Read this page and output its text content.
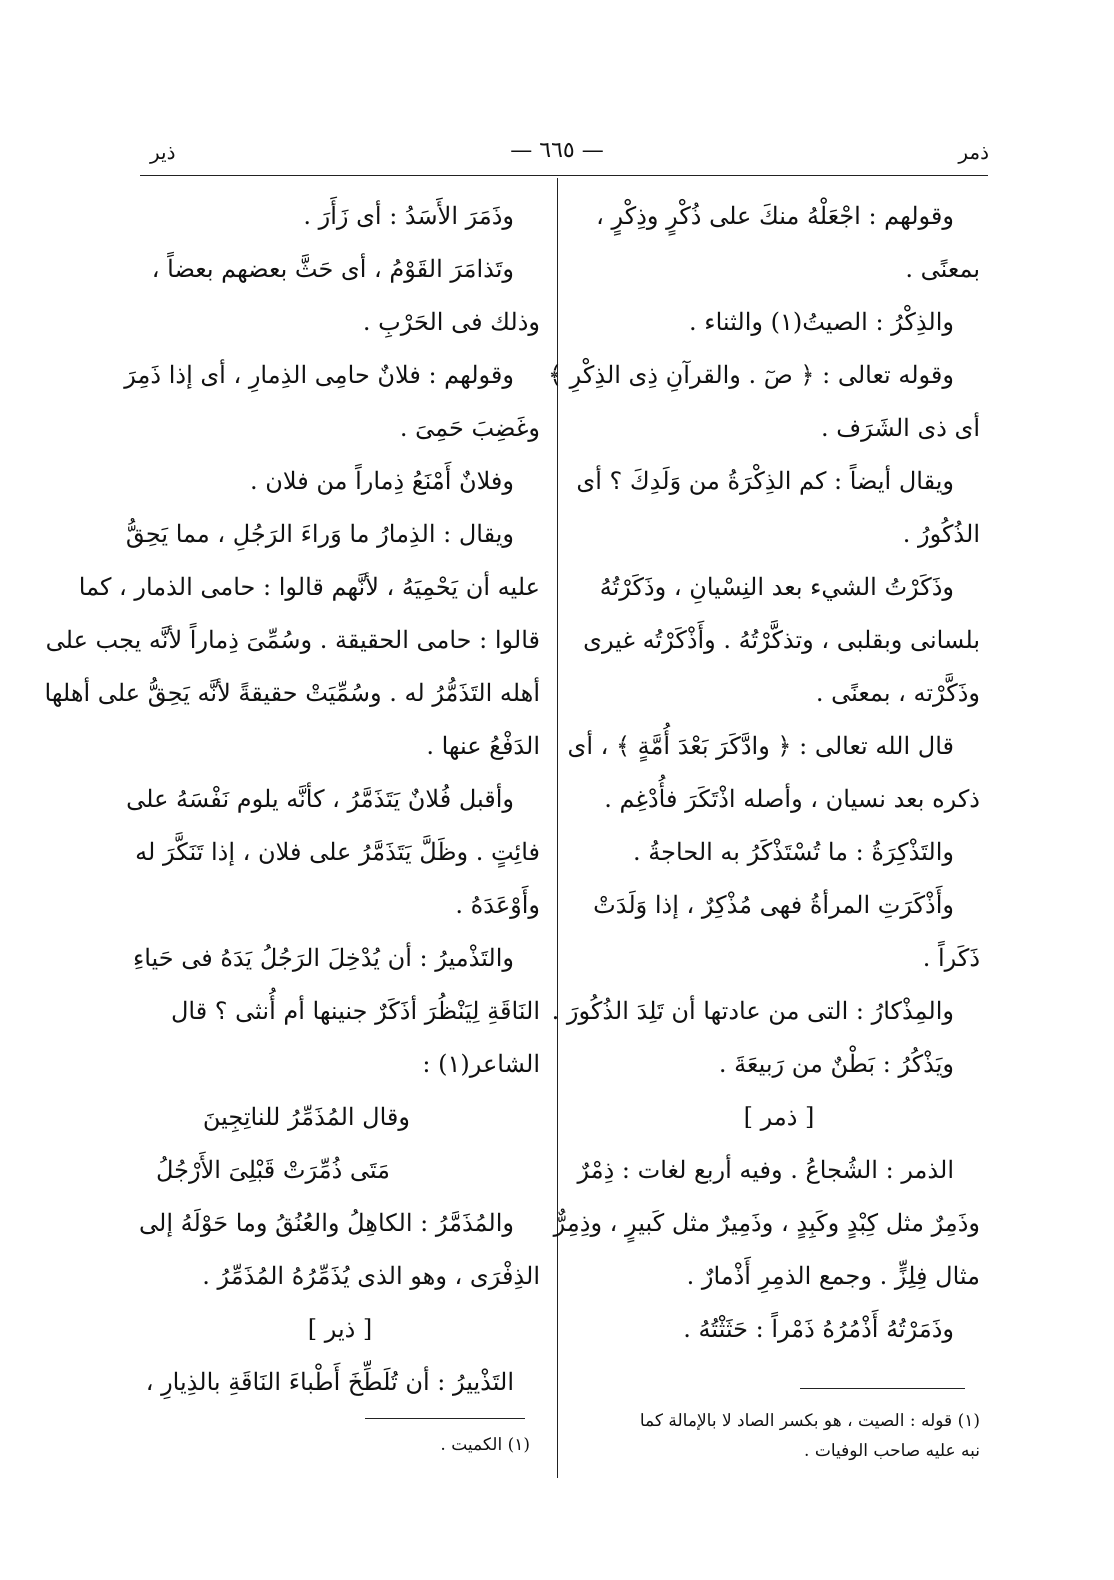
ذمر
— ٦٦٥ —
ذير
وقولهم : اجْعَلْهُ منكَ على ذُكْرٍ وذِكْرٍ ،
بمعنًى .
والذِكْرُ : الصيتُ(١) والثناء .
وقوله تعالى : ﴿ صٓ . والقرآنِ ذِى الذِكْرِ ﴾
أى ذى الشَرَف .
ويقال أيضاً : كم الذِكْرَةُ من وَلَدِكَ ؟ أى
الذُكُورُ .
وذَكَرْتُ الشيء بعد النِسْيانِ ، وذَكَرْتُهُ
بلسانى وبقلبى ، وتذكَّرْتُهُ . وأَذْكَرْتُه غيرى
وذَكَّرْته ، بمعنًى .
قال الله تعالى : ﴿ وادَّكَرَ بَعْدَ أُمَّةٍ ﴾ ، أى
ذكره بعد نسيان ، وأصله اذْتَكَرَ فأُدْغِم .
والتَذْكِرَةُ : ما تُسْتَذْكَرُ به الحاجةُ .
وأَذْكَرَتِ المرأةُ فهى مُذْكِرٌ ، إذا وَلَدَتْ
ذَكَراً .
والمِذْكارُ : التى من عادتها أن تَلِدَ الذُكُورَ .
ويَذْكُرُ : بَطْنٌ من رَبيعَةَ .
[ ذمر ]
الذمر : الشُجاعُ . وفيه أربع لغات : ذِمْرٌ
وذَمِرٌ مثل كِبْدٍ وكَبِدٍ ، وذَمِيرٌ مثل كَبيرٍ ، وذِمِرٌّ
مثال فِلِزٍّ . وجمع الذمِرِ أَذْمارٌ .
وذَمَرْتُهُ أَذْمُرُهُ ذَمْراً : حَثَثْتُهُ .
وذَمَرَ الأَسَدُ : أى زَأَرَ .
وتَذامَرَ القَوْمُ ، أى حَثَّ بعضهم بعضاً ،
وذلك فى الحَرْبِ .
وقولهم : فلانٌ حامِى الذِمارِ ، أى إذا ذَمِرَ
وغَضِبَ حَمِىَ .
وفلانٌ أَمْنَعُ ذِماراً من فلان .
ويقال : الذِمارُ ما وَراءَ الرَجُلِ ، مما يَحِقُّ
عليه أن يَحْمِيَهُ ، لأنَّهم قالوا : حامى الذمار ، كما
قالوا : حامى الحقيقة . وسُمِّىَ ذِماراً لأنَّه يجب على
أهله التَذَمُّرُ له . وسُمِّيَتْ حقيقةً لأنَّه يَحِقُّ على أهلها
الدَفْعُ عنها .
وأقبل فُلانٌ يَتَذَمَّرُ ، كأنَّه يلوم نَفْسَهُ على
فائِتٍ . وظَلَّ يَتَذَمَّرُ على فلان ، إذا تَنَكَّرَ له
وأَوْعَدَهُ .
والتَذْميرُ : أن يُدْخِلَ الرَجُلُ يَدَهُ فى حَياءِ
النَاقَةِ لِيَنْظُرَ أذَكَرٌ جنينها أم أُنثى ؟ قال
الشاعر(١) :
وقال المُذَمِّرُ للناتِجِينَ
مَتَى ذُمِّرَتْ قَبْلِىَ الأَرْجُلُ
والمُذَمَّرُ : الكاهِلُ والعُنُقُ وما حَوْلَهُ إلى
الذِفْرَى ، وهو الذى يُذَمِّرُهُ المُذَمِّرُ .
[ ذير ]
التَذْييرُ : أن تُلَطِّخَ أَطْباءَ النَاقَةِ بالذِيارِ ،
(١) قوله : الصيت ، هو بكسر الصاد لا بالإمالة كما
نبه عليه صاحب الوفيات .
(١) الكميت .
